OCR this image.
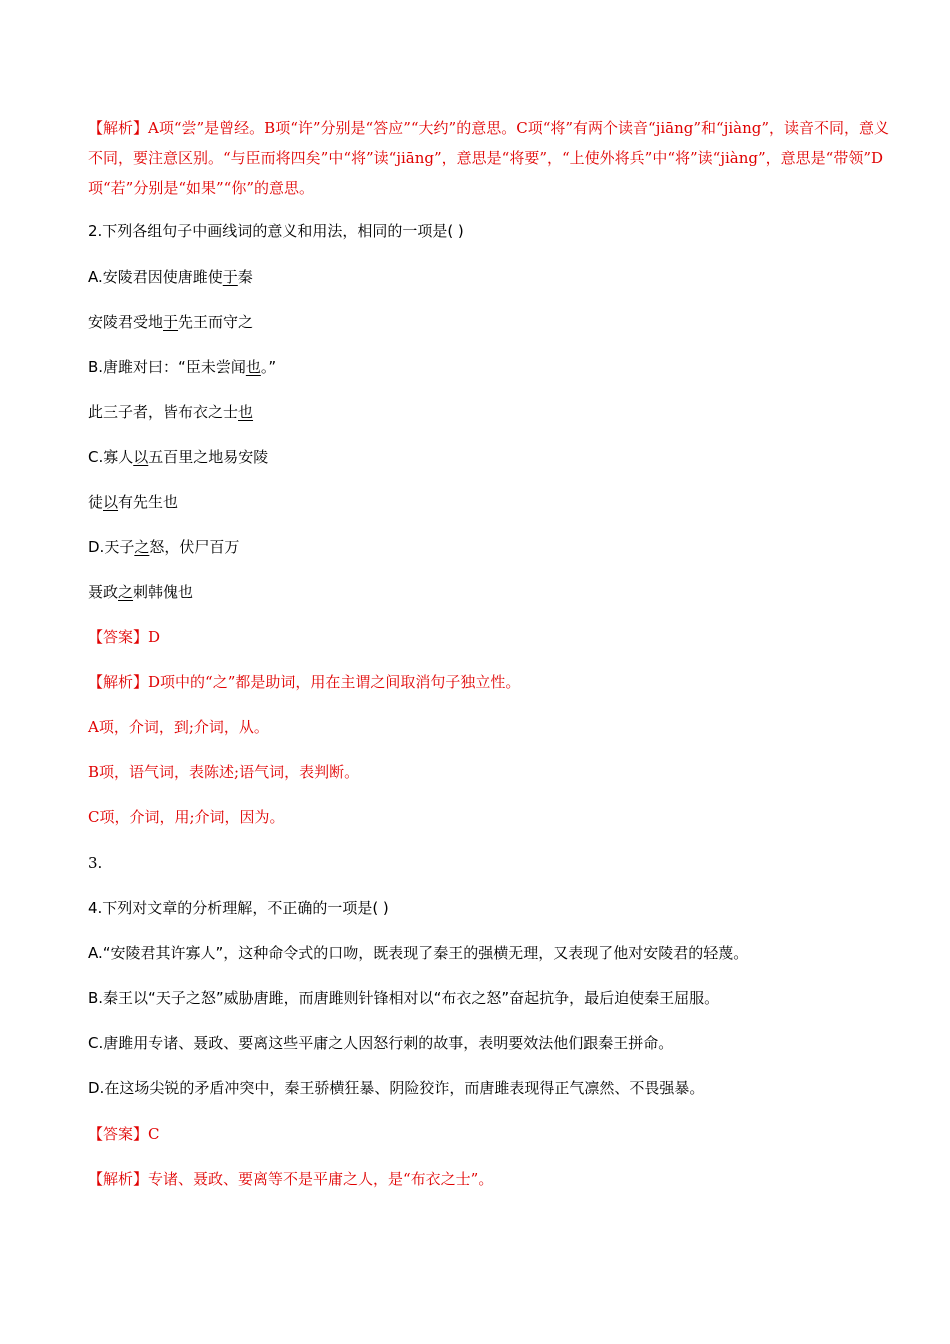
【解析】A项“尝”是曾经。B项“许”分别是“答应”“大约”的意思。C项“将”有两个读音“jiāng”和“jiàng”，读音不同，意义不同，要注意区别。“与臣而将四矣”中“将”读“jiāng”，意思是“将要”，“上使外将兵”中“将”读“jiàng”，意思是“带领”D项“若”分别是“如果”“你”的意思。
2.下列各组句子中画线词的意义和用法，相同的一项是( )
A.安陵君因使唐雎使于秦
安陵君受地于先王而守之
B.唐雎对曰：“臣未尝闻也。”
此三子者，皆布衣之士也
C.寡人以五百里之地易安陵
徒以有先生也
D.天子之怒，伏尸百万
聂政之刺韩傀也
【答案】D
【解析】D项中的“之”都是助词，用在主谓之间取消句子独立性。
A项，介词，到;介词，从。
B项，语气词，表陈述;语气词，表判断。
C项，介词，用;介词，因为。
3.
4.下列对文章的分析理解，不正确的一项是( )
A.“安陵君其许寡人”，这种命令式的口吻，既表现了秦王的强横无理，又表现了他对安陵君的轻蔑。
B.秦王以“天子之怒”威胁唐雎，而唐雎则针锋相对以“布衣之怒”奋起抗争，最后迫使秦王屈服。
C.唐雎用专诸、聂政、要离这些平庸之人因怒行刺的故事，表明要效法他们跟秦王拼命。
D.在这场尖锐的矛盾冲突中，秦王骄横狂暴、阴险狡诈，而唐雎表现得正气凛然、不畏强暴。
【答案】C
【解析】专诸、聂政、要离等不是平庸之人，是“布衣之士”。
